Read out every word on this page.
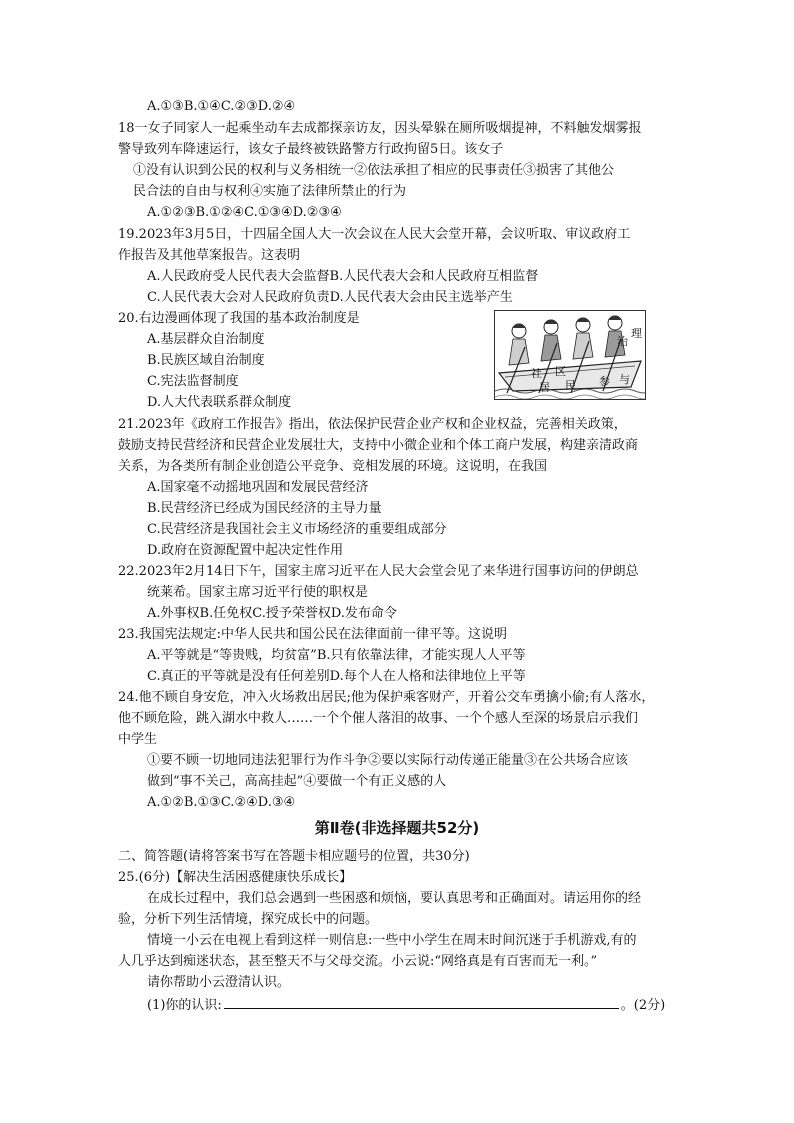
A.①③B.①④C.②③D.②④
18一女子同家人一起乘坐动车去成都探亲访友，因头晕躲在厕所吸烟提神，不料触发烟雾报
警导致列车降速运行，该女子最终被铁路警方行政拘留5日。该女子
①没有认识到公民的权利与义务相统一②依法承担了相应的民事责任③损害了其他公
民合法的自由与权利④实施了法律所禁止的行为
A.①②③B.①②④C.①③④D.②③④
19.2023年3月5日，十四届全国人大一次会议在人民大会堂开幕，会议听取、审议政府工
作报告及其他草案报告。这表明
A.人民政府受人民代表大会监督B.人民代表大会和人民政府互相监督
C.人民代表大会对人民政府负责D.人民代表大会由民主选举产生
20.右边漫画体现了我国的基本政治制度是
A.基层群众自治制度
B.民族区域自治制度
C.宪法监督制度
D.人大代表联系群众制度
治
理
社 区
居 民 参 与
21.2023年《政府工作报告》指出，依法保护民营企业产权和企业权益，完善相关政策，
鼓励支持民营经济和民营企业发展壮大，支持中小微企业和个体工商户发展，构建亲清政商
关系，为各类所有制企业创造公平竞争、竞相发展的环境。这说明，在我国
A.国家毫不动摇地巩固和发展民营经济
B.民营经济已经成为国民经济的主导力量
C.民营经济是我国社会主义市场经济的重要组成部分
D.政府在资源配置中起决定性作用
22.2023年2月14日下午，国家主席习近平在人民大会堂会见了来华进行国事访问的伊朗总
统莱希。国家主席习近平行使的职权是
A.外事权B.任免权C.授予荣誉权D.发布命令
23.我国宪法规定:中华人民共和国公民在法律面前一律平等。这说明
A.平等就是“等贵贱，均贫富”B.只有依靠法律，才能实现人人平等
C.真正的平等就是没有任何差别D.每个人在人格和法律地位上平等
24.他不顾自身安危，冲入火场救出居民;他为保护乘客财产，开着公交车勇擒小偷;有人落水，
他不顾危险，跳入湖水中救人……一个个催人落泪的故事、一个个感人至深的场景启示我们
中学生
①要不顾一切地同违法犯罪行为作斗争②要以实际行动传递正能量③在公共场合应该
做到“事不关己，高高挂起”④要做一个有正义感的人
A.①②B.①③C.②④D.③④
第Ⅱ卷(非选择题共52分)
二、简答题(请将答案书写在答题卡相应题号的位置，共30分)
25.(6分)【解决生活困惑健康快乐成长】
在成长过程中，我们总会遇到一些困惑和烦恼，要认真思考和正确面对。请运用你的经
验，分析下列生活情境，探究成长中的问题。
情境一小云在电视上看到这样一则信息:一些中小学生在周末时间沉迷于手机游戏,有的
人几乎达到痴迷状态，甚至整天不与父母交流。小云说:“网络真是有百害而无一利。”
请你帮助小云澄清认识。
(1)你的认识:	。(2分)
